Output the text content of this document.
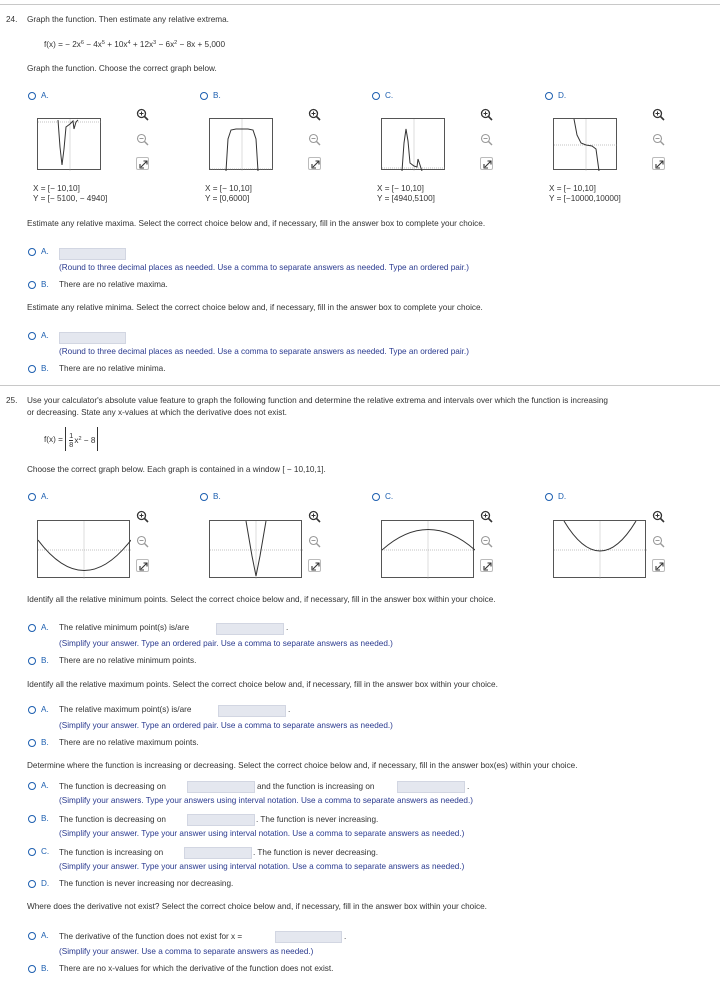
24. Graph the function. Then estimate any relative extrema.
f(x) = − $2x^6 - 4x^5 + 10x^4 + 12x^3 - 6x^2 - 8x + 5,000$
Graph the function. Choose the correct graph below.
A.
X = [− 10,10]
Y = [− 5100, − 4940]
B.
X = [− 10,10]
Y = [0,6000]
C.
X = [− 10,10]
Y = [4940,5100]
D.
X = [− 10,10]
Y = [−10000,10000]
Estimate any relative maxima. Select the correct choice below and, if necessary, fill in the answer box to complete your choice.
A.
(Round to three decimal places as needed. Use a comma to separate answers as needed. Type an ordered pair.)
B. There are no relative maxima.
Estimate any relative minima. Select the correct choice below and, if necessary, fill in the answer box to complete your choice.
A.
(Round to three decimal places as needed. Use a comma to separate answers as needed. Type an ordered pair.)
B. There are no relative minima.
25. Use your calculator's absolute value feature to graph the following function and determine the relative extrema and intervals over which the function is increasing
or decreasing. State any x-values at which the derivative does not exist.
$f(x) = \frac{1}{8} x^2 - 8$
Choose the correct graph below. Each graph is contained in a window [ − 10,10,1].
A.	B.	C.	D.
Identify all the relative minimum points. Select the correct choice below and, if necessary, fill in the answer box within your choice.
A. The relative minimum point(s) is/are	.
(Simplify your answer. Type an ordered pair. Use a comma to separate answers as needed.)
B. There are no relative minimum points.
Identify all the relative maximum points. Select the correct choice below and, if necessary, fill in the answer box within your choice.
A. The relative maximum point(s) is/are	.
(Simplify your answer. Type an ordered pair. Use a comma to separate answers as needed.)
B. There are no relative maximum points.
Determine where the function is increasing or decreasing. Select the correct choice below and, if necessary, fill in the answer box(es) within your choice.
A. The function is decreasing on	and the function is increasing on	.
(Simplify your answers. Type your answers using interval notation. Use a comma to separate answers as needed.)
B. The function is decreasing on	. The function is never increasing.
(Simplify your answer. Type your answer using interval notation. Use a comma to separate answers as needed.)
C. The function is increasing on	. The function is never decreasing.
(Simplify your answer. Type your answer using interval notation. Use a comma to separate answers as needed.)
D. The function is never increasing nor decreasing.
Where does the derivative not exist? Select the correct choice below and, if necessary, fill in the answer box within your choice.
A. The derivative of the function does not exist for x =	.
(Simplify your answer. Use a comma to separate answers as needed.)
B. There are no x-values for which the derivative of the function does not exist.
